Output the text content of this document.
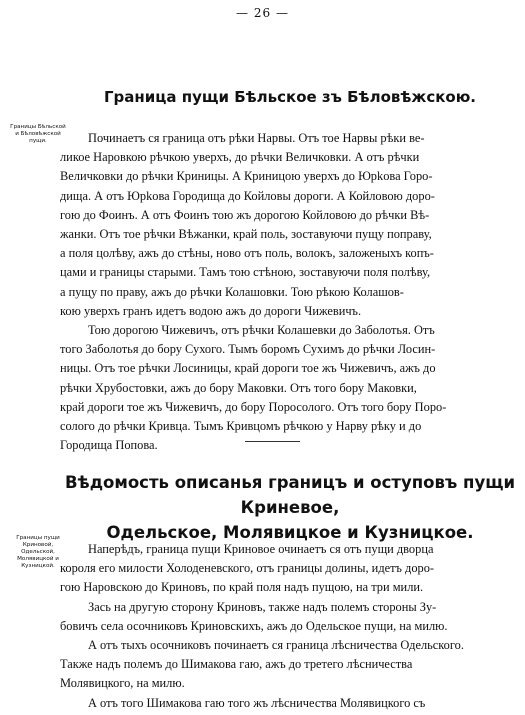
— 26 —
Граница пущи Бѣльское зъ Бѣловѣжскою.
Границы Бѣльской и Бѣловѣжской пущи.	Починаетъ ся граница отъ рѣки Нарвы. Отъ тое Нарвы рѣки ве-
ликое Наровкою рѣчкою уверхъ, до рѣчки Величковки. А отъ рѣчки
Величковки до рѣчки Криницы. А Криницою уверхъ до Юрkова Горо-
дища. А отъ Юрkова Городища до Койловы дороги. А Койловою доро-
гою до Фоинъ. А отъ Фоинъ тою жъ дорогою Койловою до рѣчки Вѣ-
жанки. Отъ тое рѣчки Вѣжанки, край поль, зоставуючи пущу поправу,
а поля цолѣву, ажъ до стѣны, ново отъ поль, волокъ, заложеныхъ копъ-
цами и границы старыми. Тамъ тою стѣною, зоставуючи поля полѣву,
а пущу по праву, ажъ до рѣчки Колашовки. Тою рѣкою Колашов-
кою уверхъ гранъ идетъ водою ажъ до дороги Чижевичъ.
Тою дорогою Чижевичъ, отъ рѣчки Колашевки до Заболотья. Отъ
того Заболотья до бору Сухого. Тымъ боромъ Сухимъ до рѣчки Лосин-
ницы. Отъ тое рѣчки Лосиницы, край дороги тое жъ Чижевичъ, ажъ до
рѣчки Хрубостовки, ажъ до бору Маковки. Отъ того бору Маковки,
край дороги тое жъ Чижевичъ, до бору Поросолого. Отъ того бору Поро-
солого до рѣчки Кривца. Тымъ Кривцомъ рѣчкою у Нарву рѣку и до
Городища Попова.
Вѣдомость описанья границъ и оступовъ пущи Криневое,
Одельское, Молявицкое и Кузницкое.
Границы пущи Криновой, Одельской, Молявицкой и Кузницкой.
Наперѣдъ, граница пущи Криновое очинаетъ ся отъ пущи дворца
короля его милости Холоденевского, отъ границы долины, идетъ доро-
гою Наровскою до Криновъ, по край поля надъ пущою, на три мили.
Зась на другую сторону Криновъ, также надъ полемъ стороны Зу-
бовичъ села осочниковъ Криновскихъ, ажъ до Одельское пущи, на милю.
А отъ тыхъ осочниковъ починаетъ ся граница лѣсничества Одельского.
Также надъ полемъ до Шимакова гаю, ажъ до третего лѣсничества
Молявицкого, на милю.
А отъ того Шимакова гаю того жъ лѣсничества Молявицкого съ
